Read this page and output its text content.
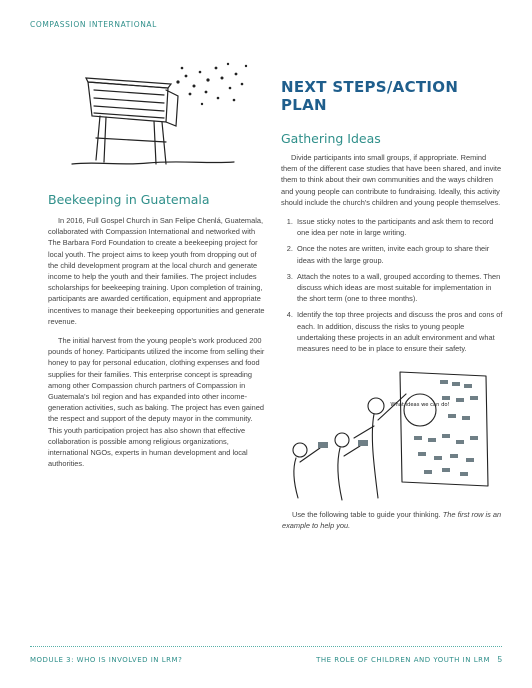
COMPASSION INTERNATIONAL
Beekeeping in Guatemala

In 2016, Full Gospel Church in San Felipe Chenlá, Guatemala, collaborated with Compassion International and networked with The Barbara Ford Foundation to create a beekeeping project for local youth. The project aims to keep youth from dropping out of the child development program at the local church and generate income to help the youth and their families. The project includes scholarships for beekeeping training. Upon completion of training, participants are awarded certification, equipment and appropriate incentives to manage their beekeeping opportunities and generate revenue.

The initial harvest from the young people's work produced 200 pounds of honey. Participants utilized the income from selling their honey to pay for personal education, clothing expenses and food supplies for their families. This enterprise concept is spreading among other Compassion church partners of Compassion in Guatemala's Ixil region and has expanded into other income-generation activities, such as baking. The project has even gained the respect and support of the deputy mayor in the community. This youth participation project has also shown that effective collaboration is possible among religious organizations, international NGOs, experts in human development and local authorities.

NEXT STEPS/ACTION PLAN
Gathering Ideas

Divide participants into small groups, if appropriate. Remind them of the different case studies that have been shared, and invite them to think about their own communities and the ways children and young people can contribute to fundraising. Ideally, this activity should include the church's children and young people themselves.

1. Issue sticky notes to the participants and ask them to record one idea per note in large writing.
2. Once the notes are written, invite each group to share their ideas with the large group.
3. Attach the notes to a wall, grouped according to themes. Then discuss which ideas are most suitable for implementation in the short term (one to three months).
4. Identify the top three projects and discuss the pros and cons of each. In addition, discuss the risks to young people undertaking these projects in an adult environment and what measures need to be in place to ensure their safety.
What ideas we can do!
Use the following table to guide your thinking. The first row is an example to help you.
MODULE 3: WHO IS INVOLVED IN LRM?	THE ROLE OF CHILDREN AND YOUTH IN LRM 5
